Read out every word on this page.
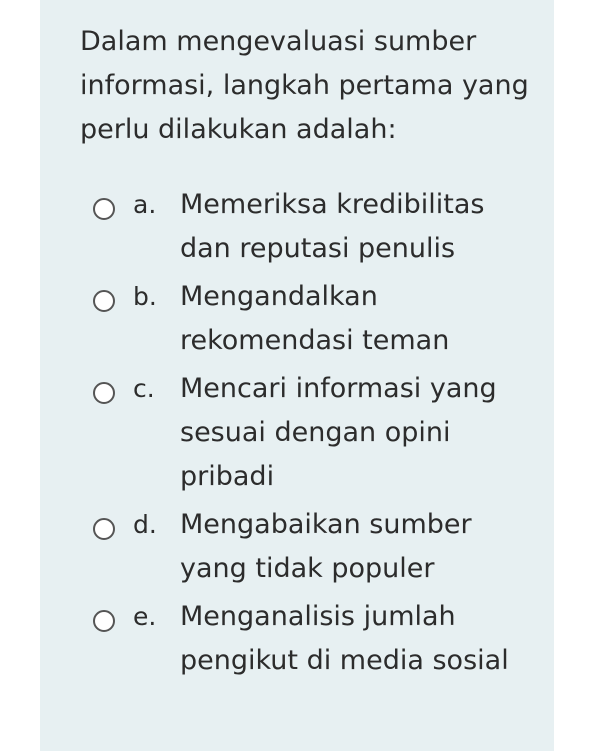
Dalam mengevaluasi sumber informasi, langkah pertama yang perlu dilakukan adalah:

a. Memeriksa kredibilitas dan reputasi penulis
b. Mengandalkan rekomendasi teman
c. Mencari informasi yang sesuai dengan opini pribadi
d. Mengabaikan sumber yang tidak populer
e. Menganalisis jumlah pengikut di media sosial
